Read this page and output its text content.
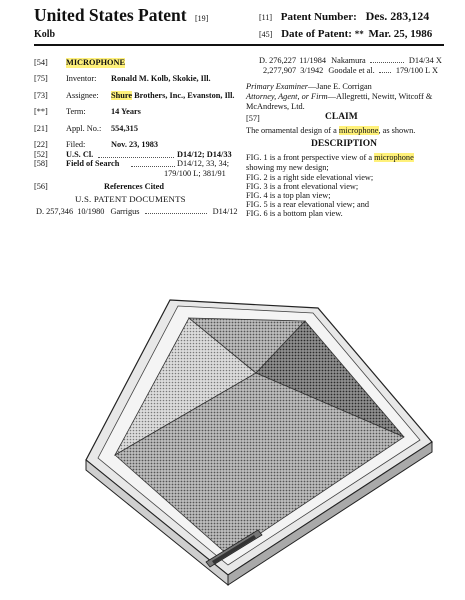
United States Patent [19]
Kolb
[11] Patent Number: Des. 283,124
[45] Date of Patent: ** Mar. 25, 1986
[54] MICROPHONE
[75] Inventor: Ronald M. Kolb, Skokie, Ill.
[73] Assignee: Shure Brothers, Inc., Evanston, Ill.
[**] Term:	14 Years
[21] Appl. No.: 554,315
[22] Filed:	Nov. 23, 1983
[52] U.S. Cl.	D14/12; D14/33
[58] Field of Search	D14/12, 33, 34;
179/100 L; 381/91
[56]	References Cited
U.S. PATENT DOCUMENTS
D. 257,346 10/1980 Garrigus	D14/12
D. 276,227 11/1984 Nakamura	D14/34 X
2,277,907 3/1942 Goodale et al.	179/100 L X
Primary Examiner—Jane E. Corrigan
Attorney, Agent, or Firm—Allegretti, Newitt, Witcoff &
McAndrews, Ltd.
[57]	CLAIM
The ornamental design of a microphone, as shown.
DESCRIPTION
FIG. 1 is a front perspective view of a microphone
showing my new design;
FIG. 2 is a right side elevational view;
FIG. 3 is a front elevational view;
FIG. 4 is a top plan view;
FIG. 5 is a rear elevational view; and
FIG. 6 is a bottom plan view.
